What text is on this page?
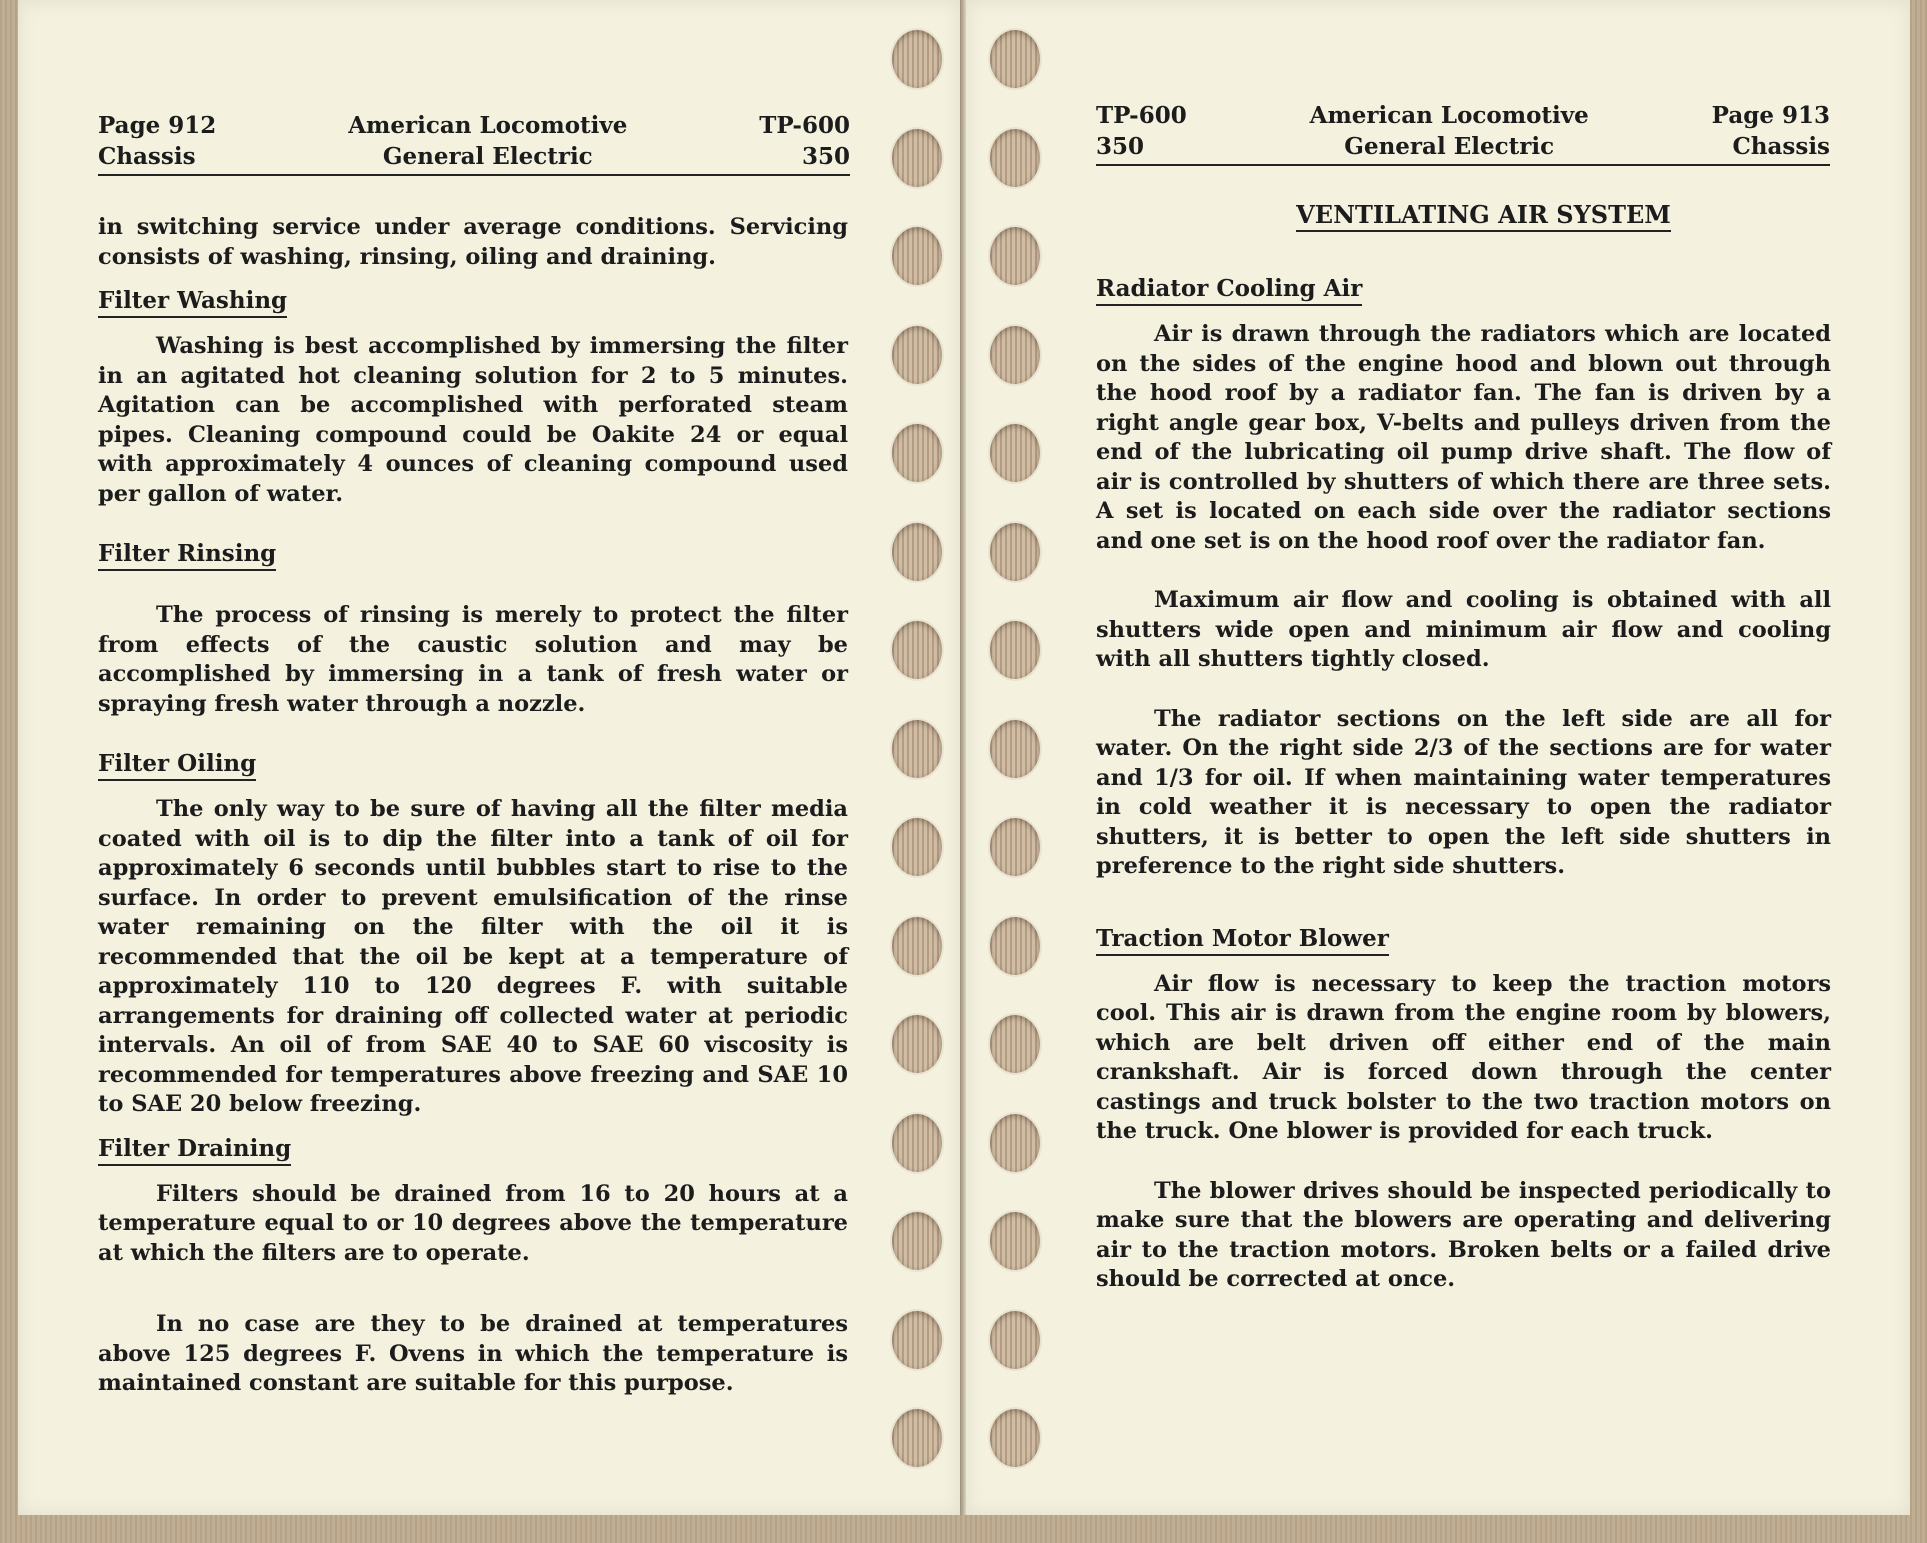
Page 912
Chassis
American Locomotive
General Electric
TP-600
350

in switching service under average conditions. Servicing consists of washing, rinsing, oiling and draining.

Filter Washing

Washing is best accomplished by immersing the filter in an agitated hot cleaning solution for 2 to 5 minutes. Agitation can be accomplished with perforated steam pipes. Cleaning compound could be Oakite 24 or equal with approximately 4 ounces of cleaning compound used per gallon of water.

Filter Rinsing

The process of rinsing is merely to protect the filter from effects of the caustic solution and may be accomplished by immersing in a tank of fresh water or spraying fresh water through a nozzle.

Filter Oiling

The only way to be sure of having all the filter media coated with oil is to dip the filter into a tank of oil for approximately 6 seconds until bubbles start to rise to the surface. In order to prevent emulsification of the rinse water remaining on the filter with the oil it is recommended that the oil be kept at a temperature of approximately 110 to 120 degrees F. with suitable arrangements for draining off collected water at periodic intervals. An oil of from SAE 40 to SAE 60 viscosity is recommended for temperatures above freezing and SAE 10 to SAE 20 below freezing.

Filter Draining

Filters should be drained from 16 to 20 hours at a temperature equal to or 10 degrees above the temperature at which the filters are to operate.

In no case are they to be drained at temperatures above 125 degrees F. Ovens in which the temperature is maintained constant are suitable for this purpose.

TP-600
350
American Locomotive
General Electric
Page 913
Chassis
VENTILATING AIR SYSTEM
Radiator Cooling Air

Air is drawn through the radiators which are located on the sides of the engine hood and blown out through the hood roof by a radiator fan. The fan is driven by a right angle gear box, V-belts and pulleys driven from the end of the lubricating oil pump drive shaft. The flow of air is controlled by shutters of which there are three sets. A set is located on each side over the radiator sections and one set is on the hood roof over the radiator fan.

Maximum air flow and cooling is obtained with all shutters wide open and minimum air flow and cooling with all shutters tightly closed.

The radiator sections on the left side are all for water. On the right side 2/3 of the sections are for water and 1/3 for oil. If when maintaining water temperatures in cold weather it is necessary to open the radiator shutters, it is better to open the left side shutters in preference to the right side shutters.

Traction Motor Blower

Air flow is necessary to keep the traction motors cool. This air is drawn from the engine room by blowers, which are belt driven off either end of the main crankshaft. Air is forced down through the center castings and truck bolster to the two traction motors on the truck. One blower is provided for each truck.

The blower drives should be inspected periodically to make sure that the blowers are operating and delivering air to the traction motors. Broken belts or a failed drive should be corrected at once.
